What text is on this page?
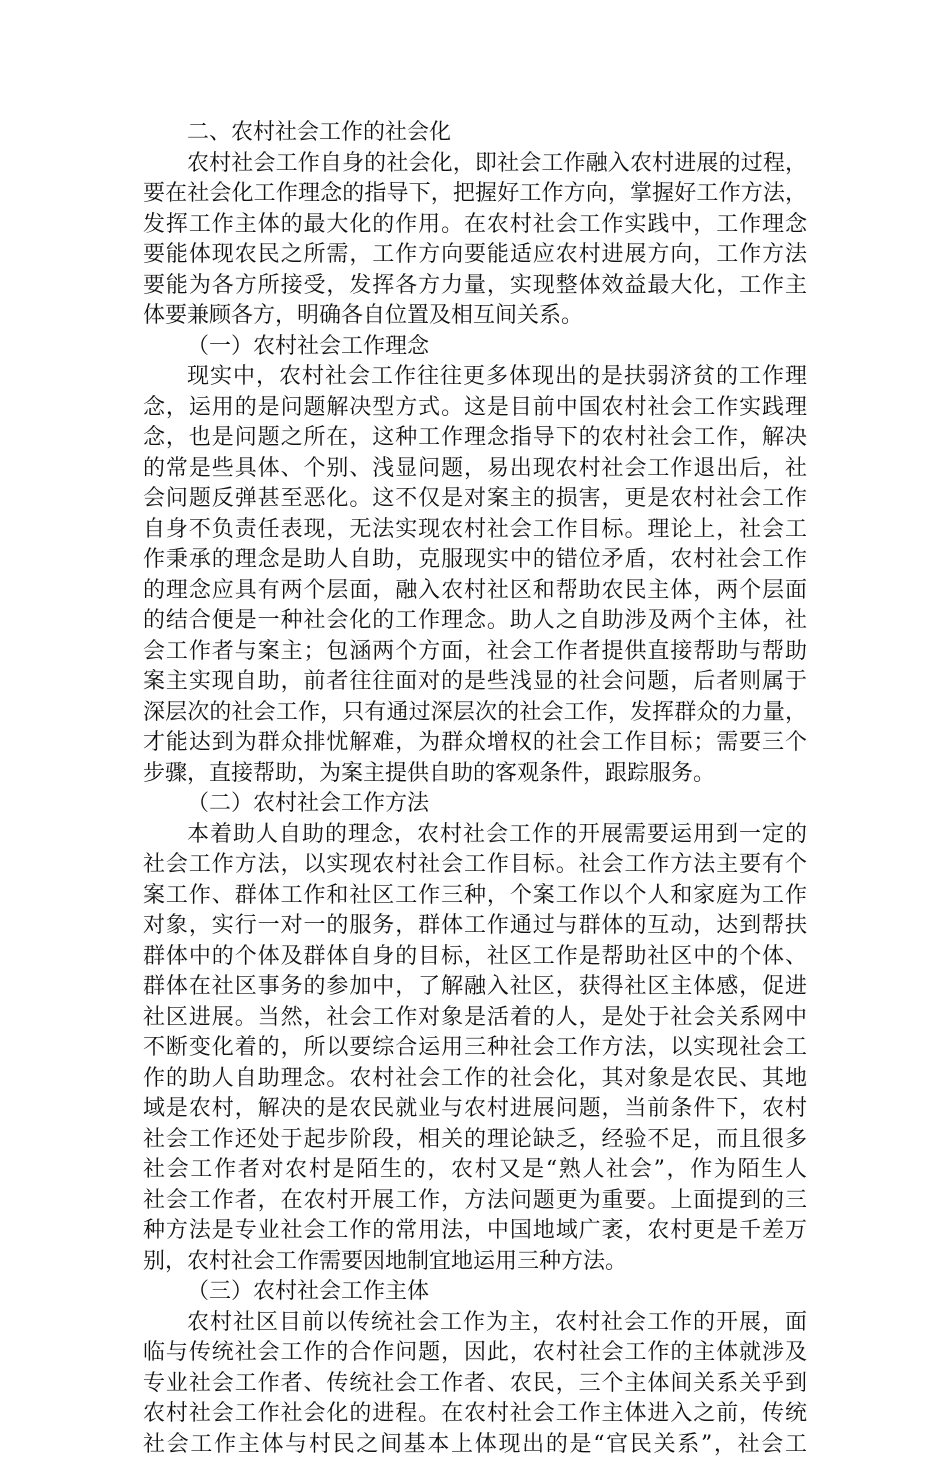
二、农村社会工作的社会化
农村社会工作自身的社会化，即社会工作融入农村进展的过程，
要在社会化工作理念的指导下，把握好工作方向，掌握好工作方法，
发挥工作主体的最大化的作用。在农村社会工作实践中，工作理念
要能体现农民之所需，工作方向要能适应农村进展方向，工作方法
要能为各方所接受，发挥各方力量，实现整体效益最大化，工作主
体要兼顾各方，明确各自位置及相互间关系。
（一）农村社会工作理念
现实中，农村社会工作往往更多体现出的是扶弱济贫的工作理
念，运用的是问题解决型方式。这是目前中国农村社会工作实践理
念，也是问题之所在，这种工作理念指导下的农村社会工作，解决
的常是些具体、个别、浅显问题，易出现农村社会工作退出后，社
会问题反弹甚至恶化。这不仅是对案主的损害，更是农村社会工作
自身不负责任表现，无法实现农村社会工作目标。理论上，社会工
作秉承的理念是助人自助，克服现实中的错位矛盾，农村社会工作
的理念应具有两个层面，融入农村社区和帮助农民主体，两个层面
的结合便是一种社会化的工作理念。助人之自助涉及两个主体，社
会工作者与案主；包涵两个方面，社会工作者提供直接帮助与帮助
案主实现自助，前者往往面对的是些浅显的社会问题，后者则属于
深层次的社会工作，只有通过深层次的社会工作，发挥群众的力量，
才能达到为群众排忧解难，为群众增权的社会工作目标；需要三个
步骤，直接帮助，为案主提供自助的客观条件，跟踪服务。
（二）农村社会工作方法
本着助人自助的理念，农村社会工作的开展需要运用到一定的
社会工作方法，以实现农村社会工作目标。社会工作方法主要有个
案工作、群体工作和社区工作三种，个案工作以个人和家庭为工作
对象，实行一对一的服务，群体工作通过与群体的互动，达到帮扶
群体中的个体及群体自身的目标，社区工作是帮助社区中的个体、
群体在社区事务的参加中，了解融入社区，获得社区主体感，促进
社区进展。当然，社会工作对象是活着的人，是处于社会关系网中
不断变化着的，所以要综合运用三种社会工作方法，以实现社会工
作的助人自助理念。农村社会工作的社会化，其对象是农民、其地
域是农村，解决的是农民就业与农村进展问题，当前条件下，农村
社会工作还处于起步阶段，相关的理论缺乏，经验不足，而且很多
社会工作者对农村是陌生的，农村又是“熟人社会”，作为陌生人
社会工作者，在农村开展工作，方法问题更为重要。上面提到的三
种方法是专业社会工作的常用法，中国地域广袤，农村更是千差万
别，农村社会工作需要因地制宜地运用三种方法。
（三）农村社会工作主体
农村社区目前以传统社会工作为主，农村社会工作的开展，面
临与传统社会工作的合作问题，因此，农村社会工作的主体就涉及
专业社会工作者、传统社会工作者、农民，三个主体间关系关乎到
农村社会工作社会化的进程。在农村社会工作主体进入之前，传统
社会工作主体与村民之间基本上体现出的是“官民关系”，社会工
